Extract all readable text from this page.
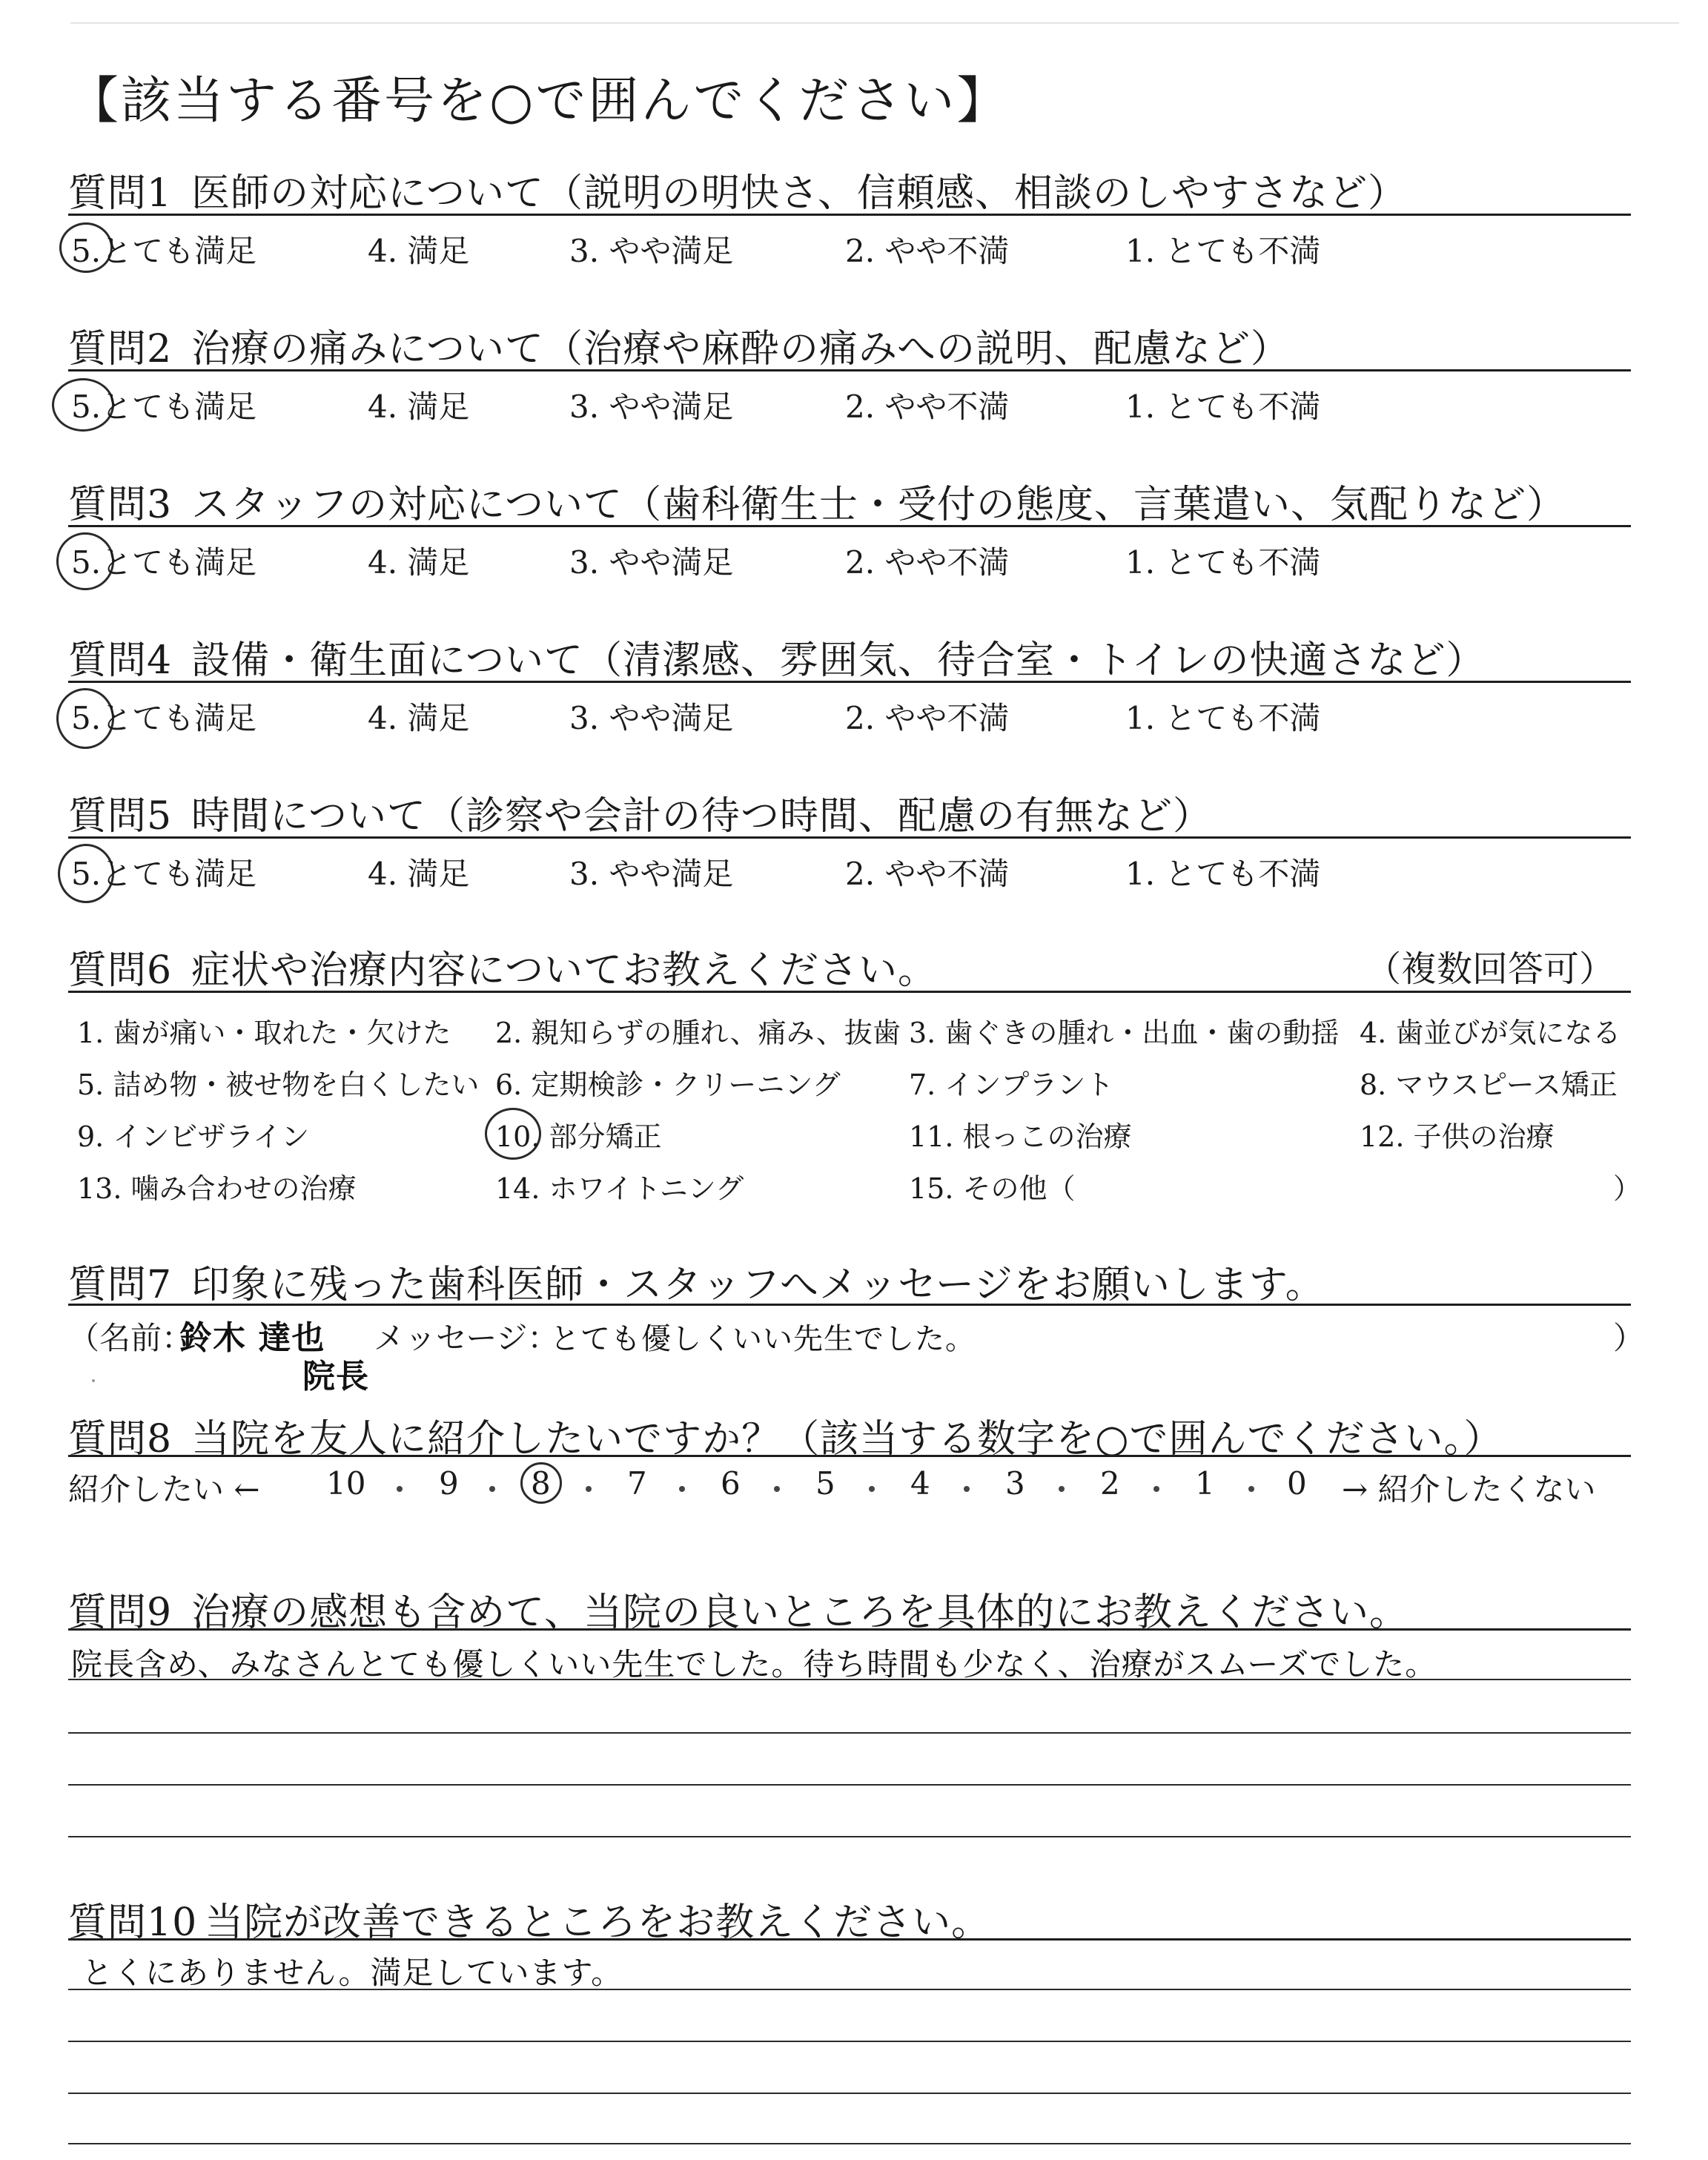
【該当する番号を○で囲んでください】
質問1 医師の対応について（説明の明快さ、信頼感、相談のしやすさなど）
5.とても満足	4. 満足	3. やや満足	2. やや不満	1. とても不満
質問2 治療の痛みについて（治療や麻酔の痛みへの説明、配慮など）
5.とても満足	4. 満足	3. やや満足	2. やや不満	1. とても不満
質問3 スタッフの対応について（歯科衛生士・受付の態度、言葉遣い、気配りなど）
5.とても満足	4. 満足	3. やや満足	2. やや不満	1. とても不満
質問4 設備・衛生面について（清潔感、雰囲気、待合室・トイレの快適さなど）
5.とても満足	4. 満足	3. やや満足	2. やや不満	1. とても不満
質問5 時間について（診察や会計の待つ時間、配慮の有無など）
5.とても満足	4. 満足	3. やや満足	2. やや不満	1. とても不満
質問6 症状や治療内容についてお教えください。	（複数回答可）
1. 歯が痛い・取れた・欠けた 2. 親知らずの腫れ、痛み、抜歯 3. 歯ぐきの腫れ・出血・歯の動揺 4. 歯並びが気になる
5. 詰め物・被せ物を白くしたい 6. 定期検診・クリーニング 7. インプラント	8. マウスピース矯正
9. インビザライン	10. 部分矯正	11. 根っこの治療	12. 子供の治療
13. 噛み合わせの治療	14. ホワイトニング	15. その他（	）
質問7 印象に残った歯科医師・スタッフへメッセージをお願いします。
（名前：
鈴木 達也
院長
メッセージ：
とても優しくいい先生でした。	）
質問8 当院を友人に紹介したいですか？（該当する数字を○で囲んでください。）
紹介したい ← 10 9 8 7 6 5 4 3 2 1 0 → 紹介したくない
質問9 治療の感想も含めて、当院の良いところを具体的にお教えください。
院長含め、みなさんとても優しくいい先生でした。待ち時間も少なく、治療がスムーズでした。
質問10 当院が改善できるところをお教えください。
とくにありません。満足しています。
